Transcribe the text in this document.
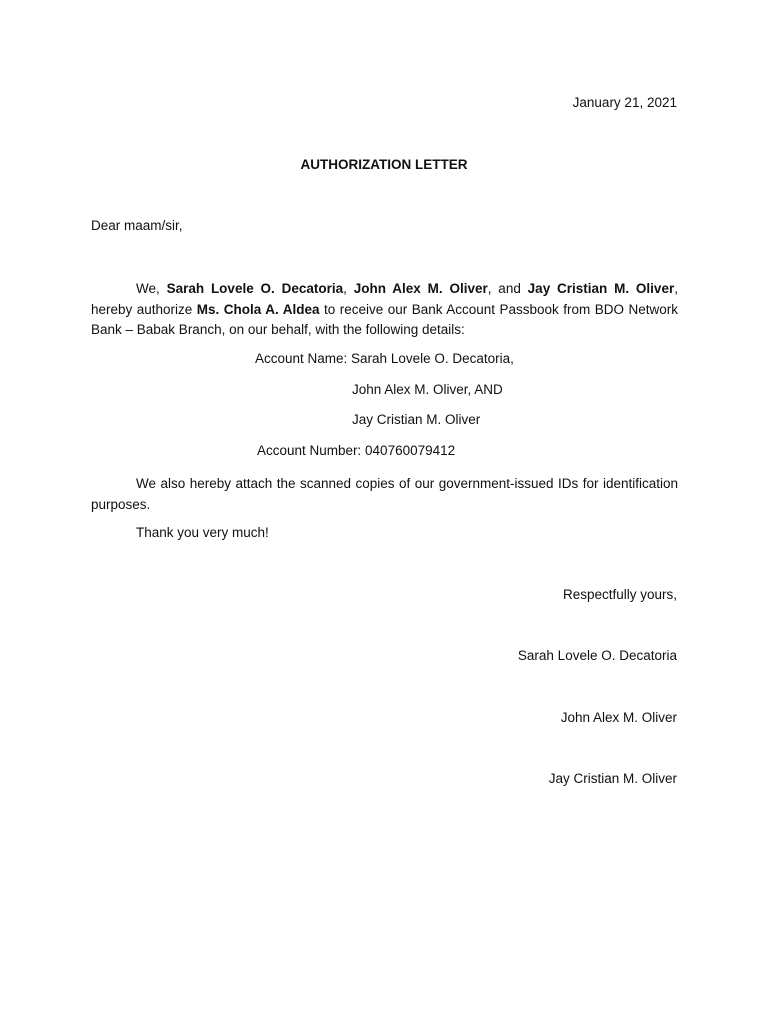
January 21, 2021
AUTHORIZATION LETTER
Dear maam/sir,
We, Sarah Lovele O. Decatoria, John Alex M. Oliver, and Jay Cristian M. Oliver, hereby authorize Ms. Chola A. Aldea to receive our Bank Account Passbook from BDO Network Bank – Babak Branch, on our behalf, with the following details:
Account Name: Sarah Lovele O. Decatoria,
John Alex M. Oliver, AND
Jay Cristian M. Oliver
Account Number: 040760079412
We also hereby attach the scanned copies of our government-issued IDs for identification purposes.
Thank you very much!
Respectfully yours,
Sarah Lovele O. Decatoria
John Alex M. Oliver
Jay Cristian M. Oliver
